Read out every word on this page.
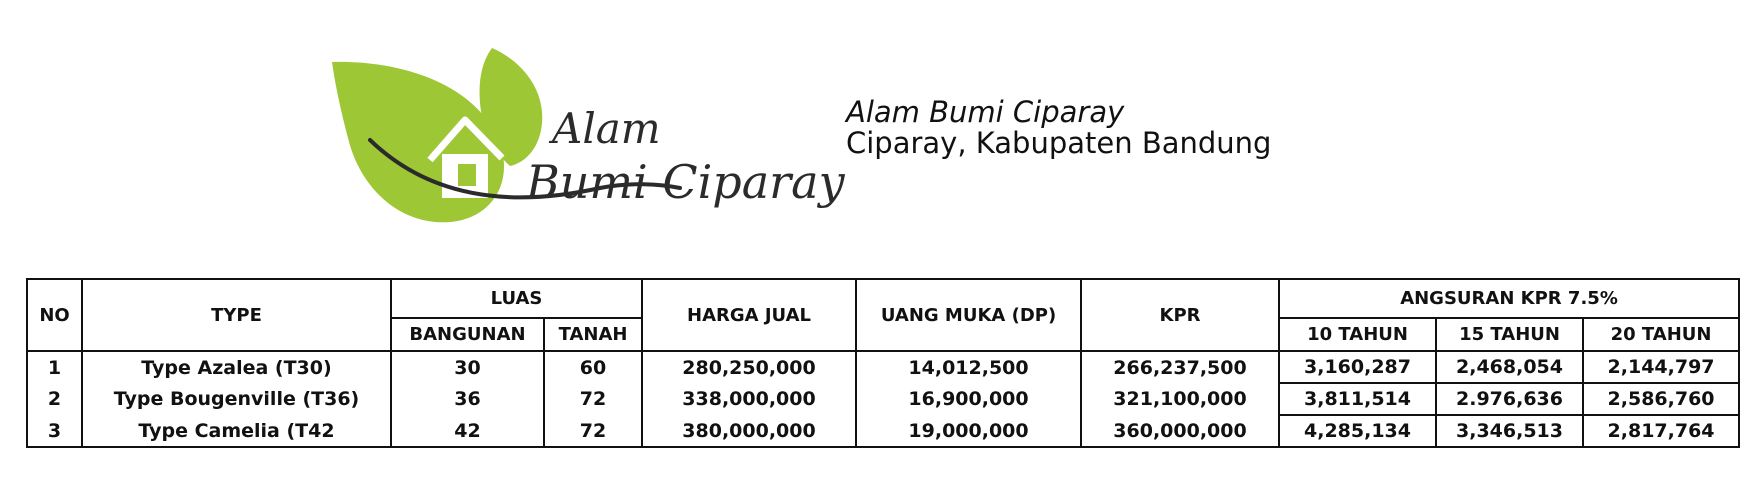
Alam
Bumi Ciparay
Alam Bumi Ciparay
Ciparay, Kabupaten Bandung
NO	TYPE	LUAS		HARGA JUAL	UANG MUKA (DP)	KPR	ANGSURAN KPR 7.5%		
		BANGUNAN	TANAH				10 TAHUN	15 TAHUN	20 TAHUN
1	Type Azalea (T30)	30	60	280,250,000	14,012,500	266,237,500	3,160,287	2,468,054	2,144,797
2	Type Bougenville (T36)	36	72	338,000,000	16,900,000	321,100,000	3,811,514	2.976,636	2,586,760
3	Type Camelia (T42	42	72	380,000,000	19,000,000	360,000,000	4,285,134	3,346,513	2,817,764
